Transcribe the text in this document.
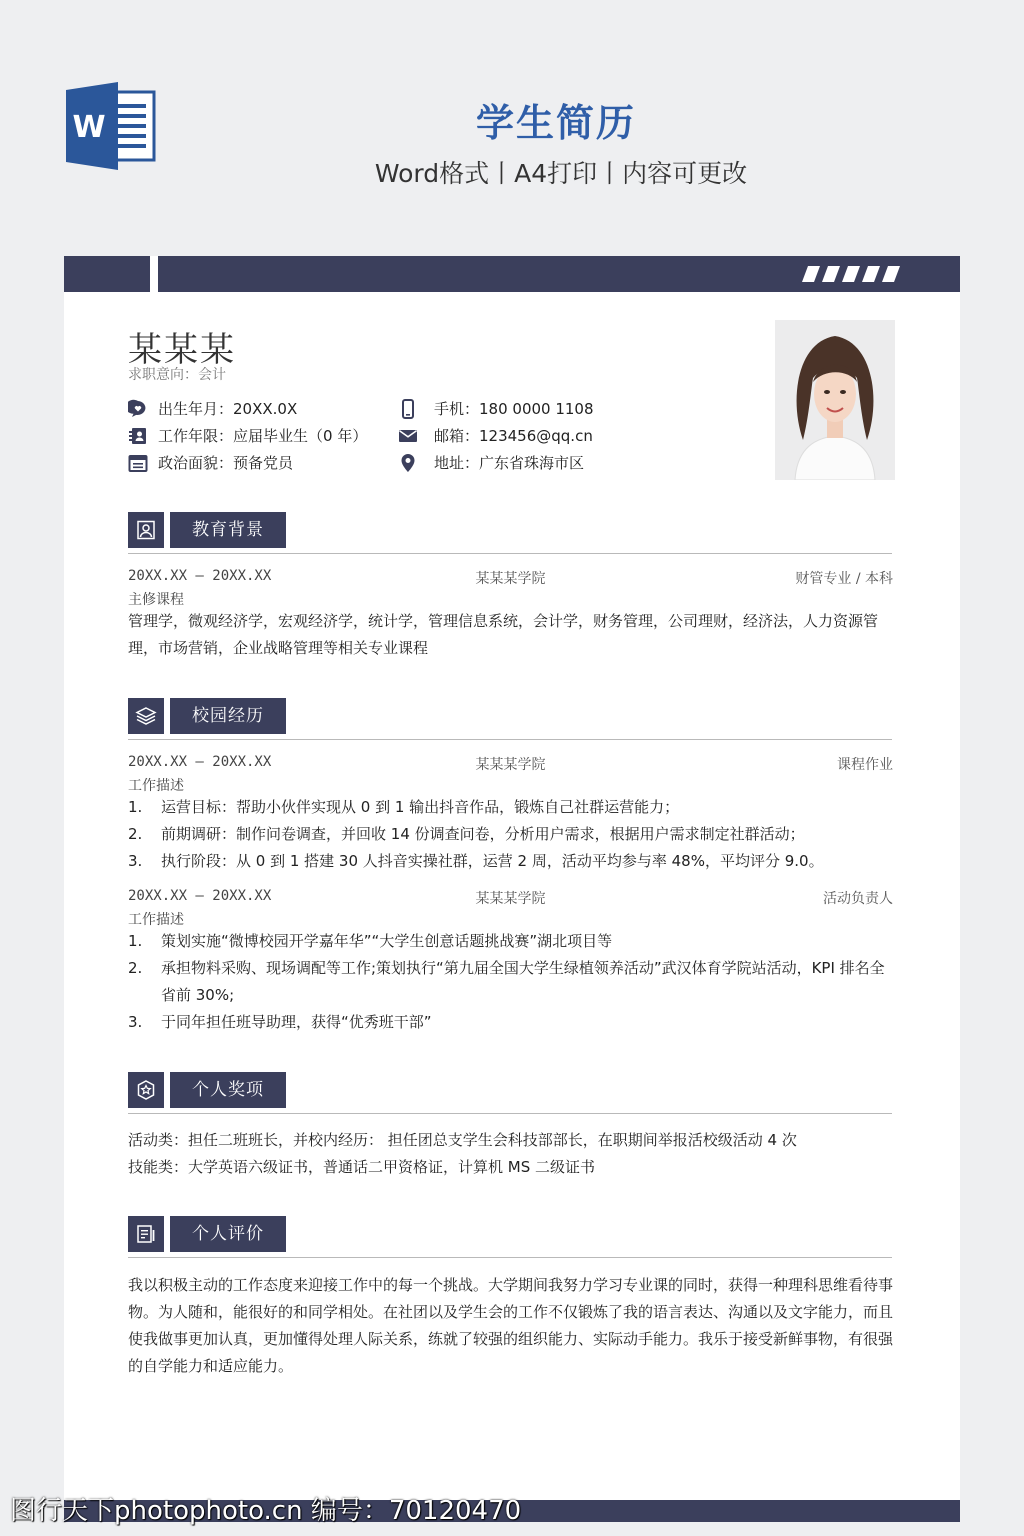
W	学生简历
Word格式丨A4打印丨内容可更改
某某某
求职意向：会计
出生年月：20XX.0X	手机：180 0000 1108
工作年限：应届毕业生（0 年）	邮箱：123456@qq.cn
政治面貌：预备党员	地址：广东省珠海市区
教育背景
20XX.XX – 20XX.XX	某某某学院	财管专业 / 本科
主修课程
管理学，微观经济学，宏观经济学，统计学，管理信息系统，会计学，财务管理，公司理财，经济法，人力资源管理，市场营销，企业战略管理等相关专业课程
校园经历
20XX.XX – 20XX.XX	某某某学院	课程作业
工作描述
1. 运营目标：帮助小伙伴实现从 0 到 1 输出抖音作品，锻炼自己社群运营能力；
2. 前期调研：制作问卷调查，并回收 14 份调查问卷，分析用户需求，根据用户需求制定社群活动；
3. 执行阶段：从 0 到 1 搭建 30 人抖音实操社群，运营 2 周，活动平均参与率 48%，平均评分 9.0。
20XX.XX – 20XX.XX	某某某学院	活动负责人
工作描述
1. 策划实施“微博校园开学嘉年华”“大学生创意话题挑战赛”湖北项目等
2. 承担物料采购、现场调配等工作;策划执行“第九届全国大学生绿植领养活动”武汉体育学院站活动，KPI 排名全省前 30%;
3. 于同年担任班导助理，获得“优秀班干部”
个人奖项
活动类：担任二班班长，并校内经历： 担任团总支学生会科技部部长，在职期间举报活校级活动 4 次
技能类：大学英语六级证书，普通话二甲资格证，计算机 MS 二级证书
个人评价
我以积极主动的工作态度来迎接工作中的每一个挑战。大学期间我努力学习专业课的同时，获得一种理科思维看待事物。为人随和，能很好的和同学相处。在社团以及学生会的工作不仅锻炼了我的语言表达、沟通以及文字能力，而且使我做事更加认真，更加懂得处理人际关系，练就了较强的组织能力、实际动手能力。我乐于接受新鲜事物，有很强的自学能力和适应能力。
图行天下photophoto.cn 编号：70120470
